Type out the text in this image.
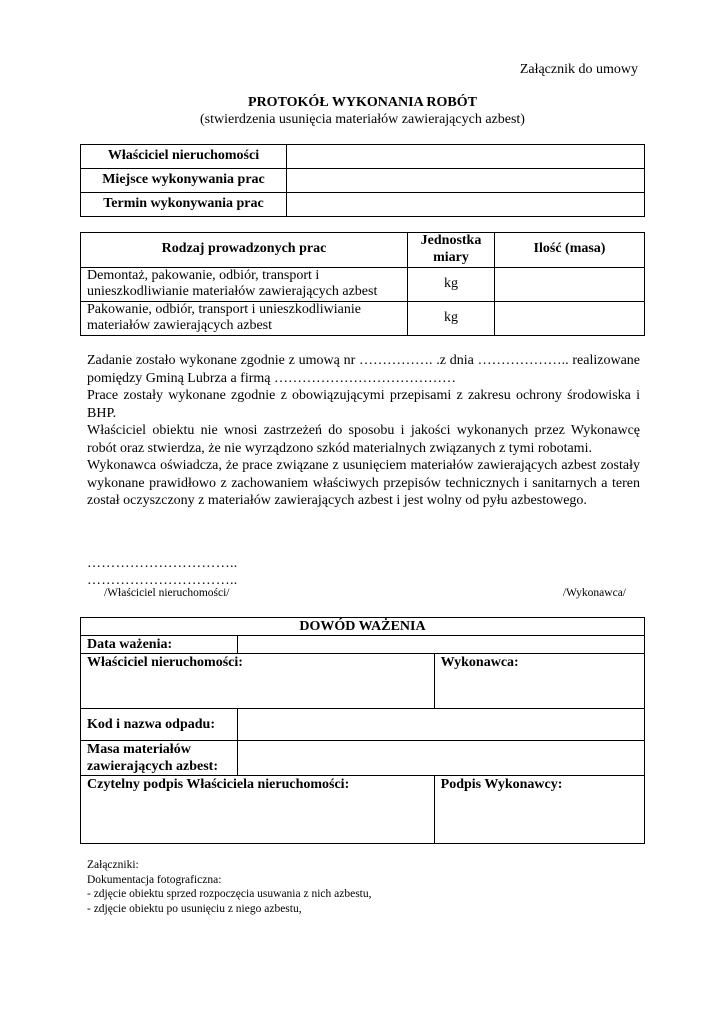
Załącznik do umowy
PROTOKÓŁ WYKONANIA ROBÓT
(stwierdzenia usunięcia materiałów zawierających azbest)
Właściciel nieruchomości	
Miejsce wykonywania prac	
Termin wykonywania prac	
Rodzaj prowadzonych prac	Jednostka miary	Ilość (masa)
Demontaż, pakowanie, odbiór, transport i unieszkodliwianie materiałów zawierających azbest	kg	
Pakowanie, odbiór, transport i unieszkodliwianie materiałów zawierających azbest	kg	

Zadanie zostało wykonane zgodnie z umową nr ……………. .z dnia ……………….. realizowane pomiędzy Gminą Lubrza a firmą …………………………………

Prace zostały wykonane zgodnie z obowiązującymi przepisami z zakresu ochrony środowiska i BHP.

Właściciel obiektu nie wnosi zastrzeżeń do sposobu i jakości wykonanych przez Wykonawcę robót oraz stwierdza, że nie wyrządzono szkód materialnych związanych z tymi robotami.

Wykonawca oświadcza, że prace związane z usunięciem materiałów zawierających azbest zostały wykonane prawidłowo z zachowaniem właściwych przepisów technicznych i sanitarnych a teren został oczyszczony z materiałów zawierających azbest i jest wolny od pyłu azbestowego.

…………………………..
…………………………..
/Właściciel nieruchomości/	/Wykonawca/
DOWÓD WAŻENIA		
Data ważenia:		
Właściciel nieruchomości:		Wykonawca:
Kod i nazwa odpadu:		
Masa materiałów zawierających azbest:		
Czytelny podpis Właściciela nieruchomości:		Podpis Wykonawcy:
Załączniki:
Dokumentacja fotograficzna:
- zdjęcie obiektu sprzed rozpoczęcia usuwania z nich azbestu,
- zdjęcie obiektu po usunięciu z niego azbestu,
